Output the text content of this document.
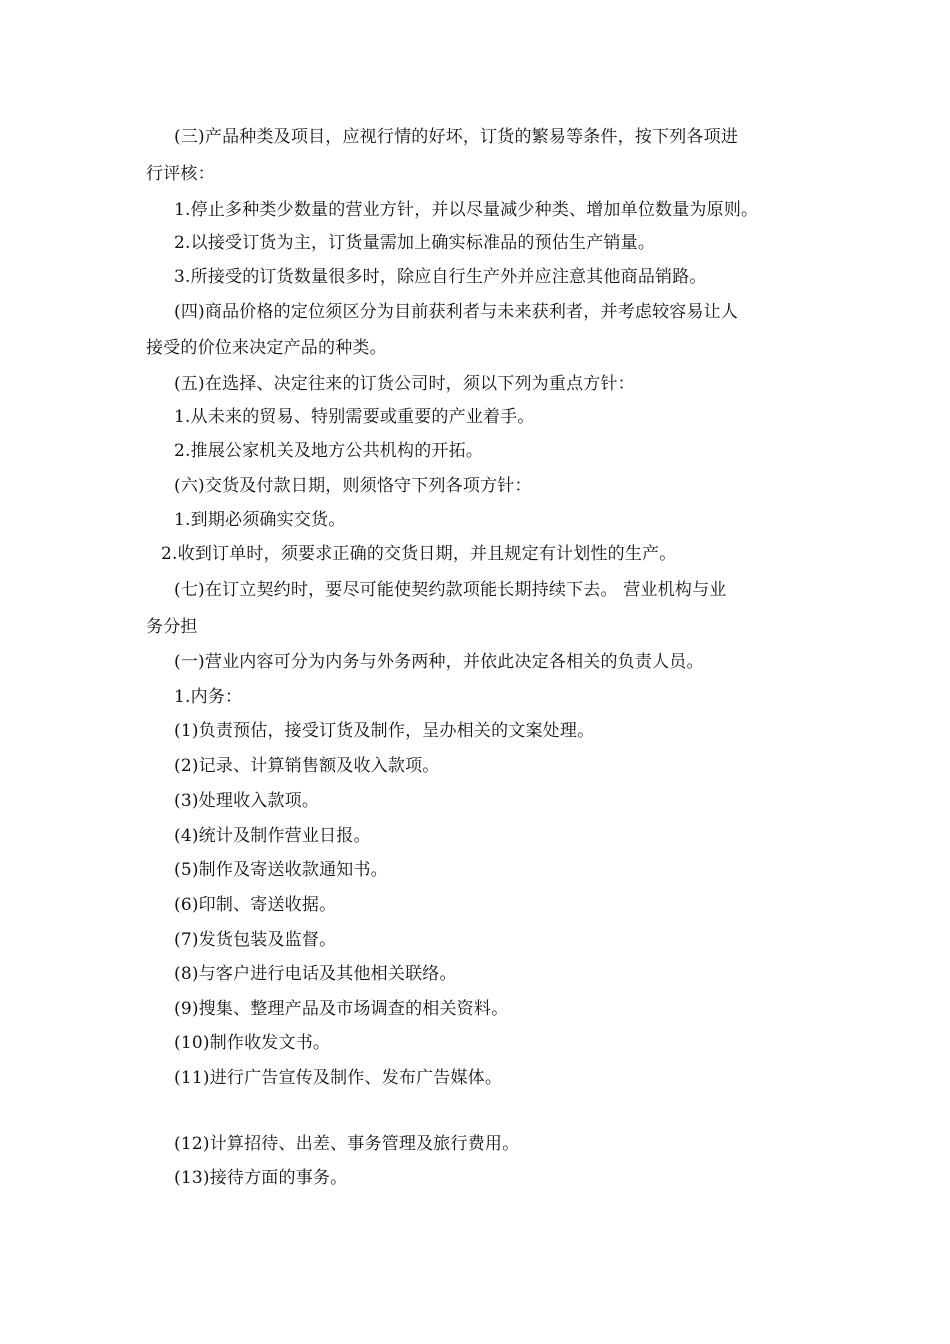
(三)产品种类及项目，应视行情的好坏，订货的繁易等条件，按下列各项进
行评核：
1.停止多种类少数量的营业方针，并以尽量减少种类、增加单位数量为原则。
2.以接受订货为主，订货量需加上确实标准品的预估生产销量。
3.所接受的订货数量很多时，除应自行生产外并应注意其他商品销路。
(四)商品价格的定位须区分为目前获利者与未来获利者，并考虑较容易让人
接受的价位来决定产品的种类。
(五)在选择、决定往来的订货公司时，须以下列为重点方针：
1.从未来的贸易、特别需要或重要的产业着手。
2.推展公家机关及地方公共机构的开拓。
(六)交货及付款日期，则须恪守下列各项方针：
1.到期必须确实交货。
2.收到订单时，须要求正确的交货日期，并且规定有计划性的生产。
(七)在订立契约时，要尽可能使契约款项能长期持续下去。 营业机构与业
务分担
(一)营业内容可分为内务与外务两种，并依此决定各相关的负责人员。
1.内务：
(1)负责预估，接受订货及制作，呈办相关的文案处理。
(2)记录、计算销售额及收入款项。
(3)处理收入款项。
(4)统计及制作营业日报。
(5)制作及寄送收款通知书。
(6)印制、寄送收据。
(7)发货包装及监督。
(8)与客户进行电话及其他相关联络。
(9)搜集、整理产品及市场调查的相关资料。
(10)制作收发文书。
(11)进行广告宣传及制作、发布广告媒体。
(12)计算招待、出差、事务管理及旅行费用。
(13)接待方面的事务。
